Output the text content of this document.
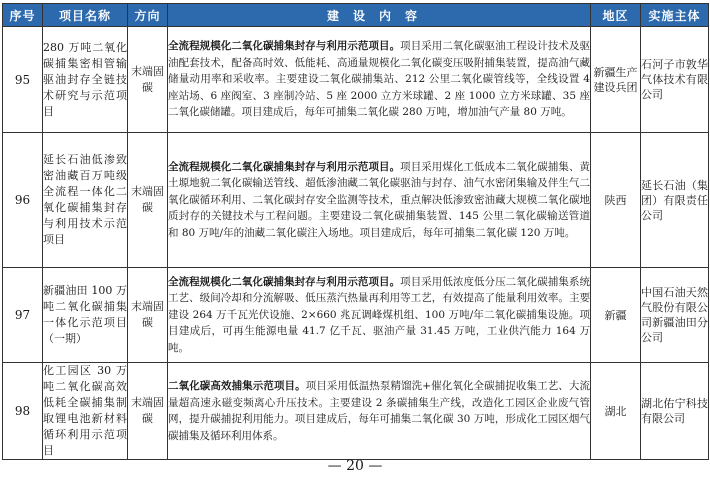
序号	项目名称	方向	建设内容	地区	实施主体
95	280 万吨二氧化碳捕集密相管输驱油封存全链技术研究与示范项目	末端固碳	全流程规模化二氧化碳捕集封存与利用示范项目。项目采用二氧化碳驱油工程设计技术及驱油配套技术，配备高时效、低能耗、高通量规模化二氧化碳变压吸附捕集装置，提高油气藏储量动用率和采收率。主要建设二氧化碳捕集站、212 公里二氧化碳管线等，全线设置 4 座站场、6 座阀室、3 座制冷站、5 座 2000 立方米球罐、2 座 1000 立方米球罐、35 座二氧化碳储罐。项目建成后，每年可捕集二氧化碳 280 万吨，增加油气产量 80 万吨。	新疆生产建设兵团	石河子市敦华气体技术有限公司
96	延长石油低渗致密油藏百万吨级全流程一体化二氧化碳捕集封存与利用技术示范项目	末端固碳	全流程规模化二氧化碳捕集封存与利用示范项目。项目采用煤化工低成本二氧化碳捕集、黄土塬地貌二氧化碳输送管线、超低渗油藏二氧化碳驱油与封存、油气水密闭集输及伴生气二氧化碳循环利用、二氧化碳封存安全监测等技术，重点解决低渗致密油藏大规模二氧化碳地质封存的关键技术与工程问题。主要建设二氧化碳捕集装置、145 公里二氧化碳输送管道和 80 万吨/年的油藏二氧化碳注入场地。项目建成后，每年可捕集二氧化碳 120 万吨。	陕西	延长石油（集团）有限责任公司
97	新疆油田 100 万吨二氧化碳捕集一体化示范项目（一期）	末端固碳	全流程规模化二氧化碳捕集封存与利用示范项目。项目采用低浓度低分压二氧化碳捕集系统工艺、级间冷却和分流解吸、低压蒸汽热量再利用等工艺，有效提高了能量利用效率。主要建设 264 万千瓦光伏设施、2×660 兆瓦调峰煤机组、100 万吨/年二氧化碳捕集设施。项目建成后，可再生能源电量 41.7 亿千瓦、驱油产量 31.45 万吨，工业供汽能力 164 万吨。	新疆	中国石油天然气股份有限公司新疆油田分公司
98	化工园区 30 万吨二氧化碳高效低耗全碳捕集制取锂电池新材料循环利用示范项目	末端固碳	二氧化碳高效捕集示范项目。项目采用低温热泵精馏洗+催化氧化全碳捕捉收集工艺、大流量超高速永磁变频离心升压技术。主要建设 2 条碳捕集生产线，改造化工园区企业废气管网，提升碳捕捉利用能力。项目建成后，每年可捕集二氧化碳 30 万吨，形成化工园区烟气碳捕集及循环利用体系。	湖北	湖北佑宁科技有限公司
— 20 —
